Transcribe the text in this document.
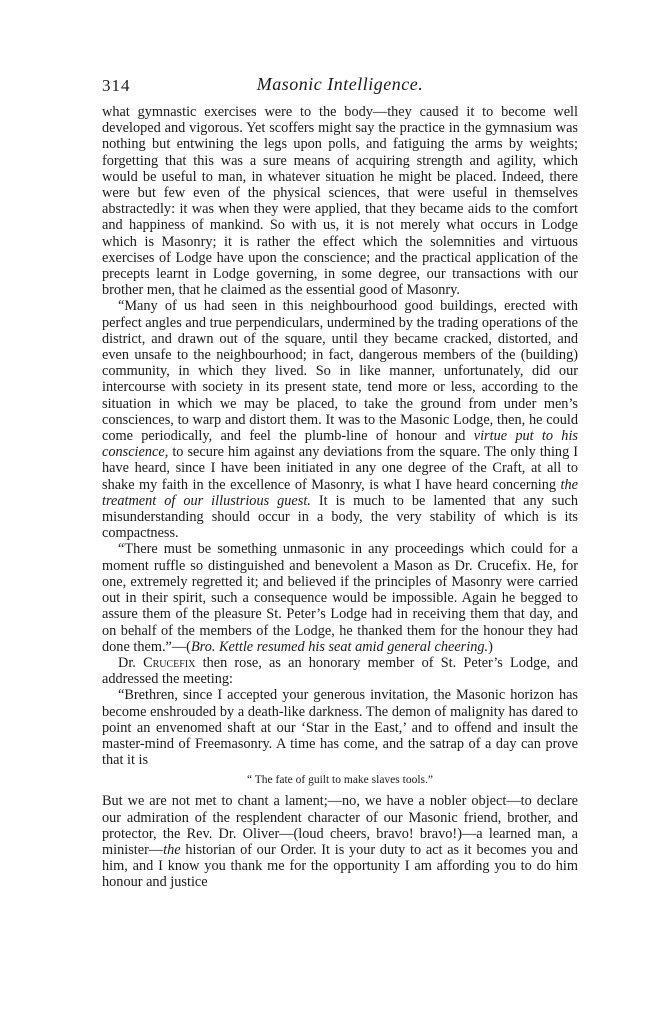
314	Masonic Intelligence.

what gymnastic exercises were to the body—they caused it to become well developed and vigorous. Yet scoffers might say the practice in the gymnasium was nothing but entwining the legs upon polls, and fatiguing the arms by weights; forgetting that this was a sure means of acquiring strength and agility, which would be useful to man, in whatever situation he might be placed. Indeed, there were but few even of the physical sciences, that were useful in themselves abstractedly: it was when they were applied, that they became aids to the comfort and happiness of mankind. So with us, it is not merely what occurs in Lodge which is Masonry; it is rather the effect which the solemnities and virtuous exercises of Lodge have upon the conscience; and the practical application of the precepts learnt in Lodge governing, in some degree, our transactions with our brother men, that he claimed as the essential good of Masonry.

“Many of us had seen in this neighbourhood good buildings, erected with perfect angles and true perpendiculars, undermined by the trading operations of the district, and drawn out of the square, until they became cracked, distorted, and even unsafe to the neighbourhood; in fact, dangerous members of the (building) community, in which they lived. So in like manner, unfortunately, did our intercourse with society in its present state, tend more or less, according to the situation in which we may be placed, to take the ground from under men’s consciences, to warp and distort them. It was to the Masonic Lodge, then, he could come periodically, and feel the plumb-line of honour and virtue put to his conscience, to secure him against any deviations from the square. The only thing I have heard, since I have been initiated in any one degree of the Craft, at all to shake my faith in the excellence of Masonry, is what I have heard concerning the treatment of our illustrious guest. It is much to be lamented that any such misunderstanding should occur in a body, the very stability of which is its compactness.

“There must be something unmasonic in any proceedings which could for a moment ruffle so distinguished and benevolent a Mason as Dr. Crucefix. He, for one, extremely regretted it; and believed if the principles of Masonry were carried out in their spirit, such a consequence would be impossible. Again he begged to assure them of the pleasure St. Peter’s Lodge had in receiving them that day, and on behalf of the members of the Lodge, he thanked them for the honour they had done them.”—(Bro. Kettle resumed his seat amid general cheering.)

Dr. Crucefix then rose, as an honorary member of St. Peter’s Lodge, and addressed the meeting:

“Brethren, since I accepted your generous invitation, the Masonic horizon has become enshrouded by a death-like darkness. The demon of malignity has dared to point an envenomed shaft at our ‘Star in the East,’ and to offend and insult the master-mind of Freemasonry. A time has come, and the satrap of a day can prove that it is

“ The fate of guilt to make slaves tools.”

But we are not met to chant a lament;—no, we have a nobler object—to declare our admiration of the resplendent character of our Masonic friend, brother, and protector, the Rev. Dr. Oliver—(loud cheers, bravo! bravo!)—a learned man, a minister—the historian of our Order. It is your duty to act as it becomes you and him, and I know you thank me for the opportunity I am affording you to do him honour and justice
